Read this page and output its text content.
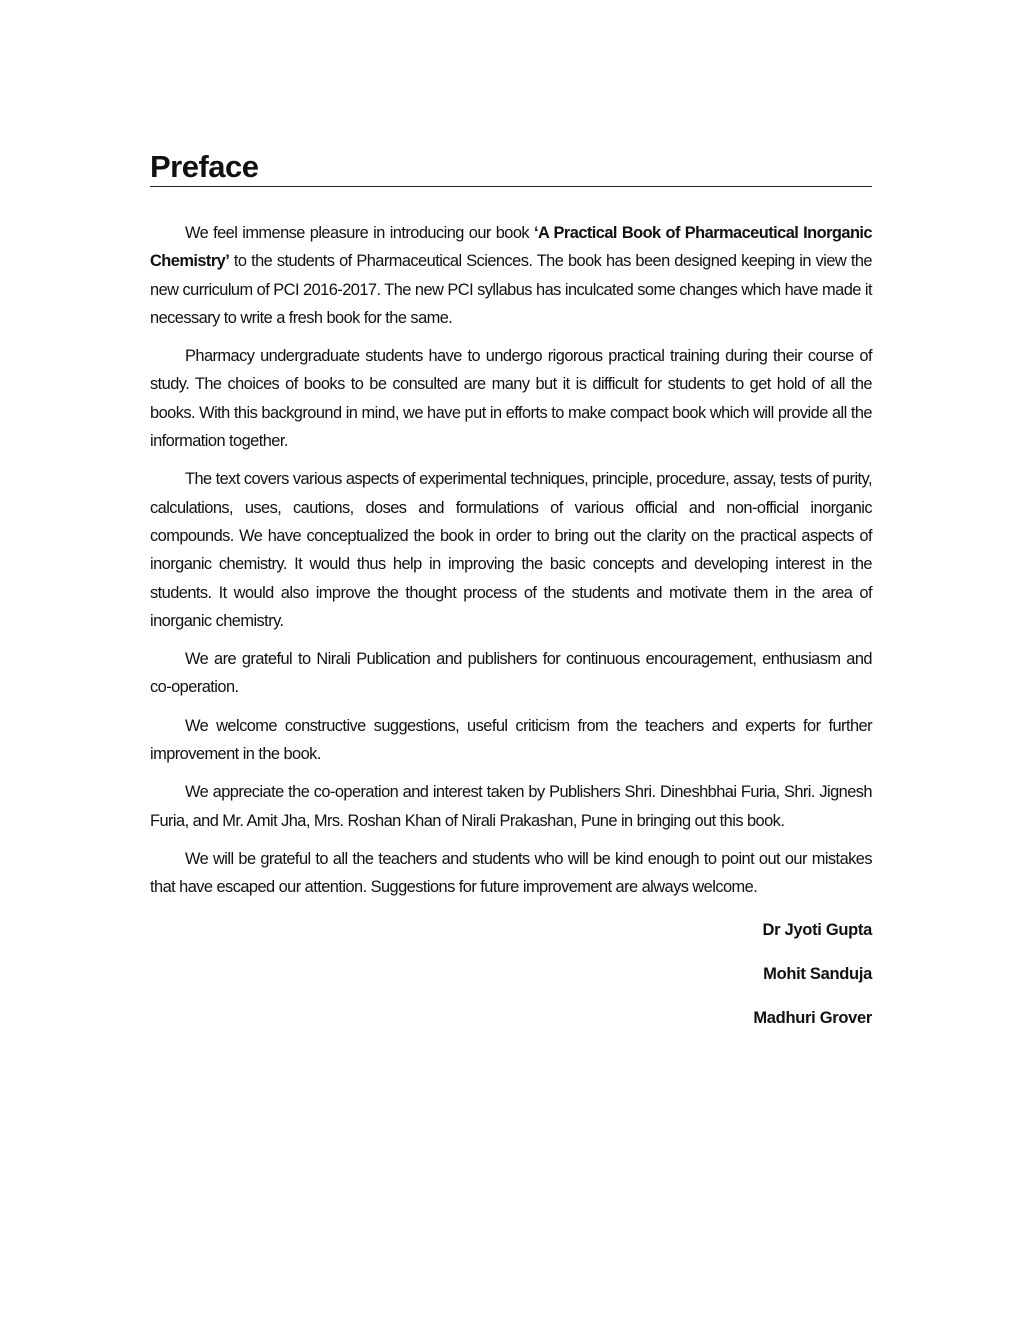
Preface

We feel immense pleasure in introducing our book ‘A Practical Book of Pharmaceutical Inorganic Chemistry’ to the students of Pharmaceutical Sciences. The book has been designed keeping in view the new curriculum of PCI 2016-2017. The new PCI syllabus has inculcated some changes which have made it necessary to write a fresh book for the same.

Pharmacy undergraduate students have to undergo rigorous practical training during their course of study. The choices of books to be consulted are many but it is difficult for students to get hold of all the books. With this background in mind, we have put in efforts to make compact book which will provide all the information together.

The text covers various aspects of experimental techniques, principle, procedure, assay, tests of purity, calculations, uses, cautions, doses and formulations of various official and non-official inorganic compounds. We have conceptualized the book in order to bring out the clarity on the practical aspects of inorganic chemistry. It would thus help in improving the basic concepts and developing interest in the students. It would also improve the thought process of the students and motivate them in the area of inorganic chemistry.

We are grateful to Nirali Publication and publishers for continuous encouragement, enthusiasm and co-operation.

We welcome constructive suggestions, useful criticism from the teachers and experts for further improvement in the book.

We appreciate the co-operation and interest taken by Publishers Shri. Dineshbhai Furia, Shri. Jignesh Furia, and Mr. Amit Jha, Mrs. Roshan Khan of Nirali Prakashan, Pune in bringing out this book.

We will be grateful to all the teachers and students who will be kind enough to point out our mistakes that have escaped our attention. Suggestions for future improvement are always welcome.

Dr Jyoti Gupta
Mohit Sanduja
Madhuri Grover
